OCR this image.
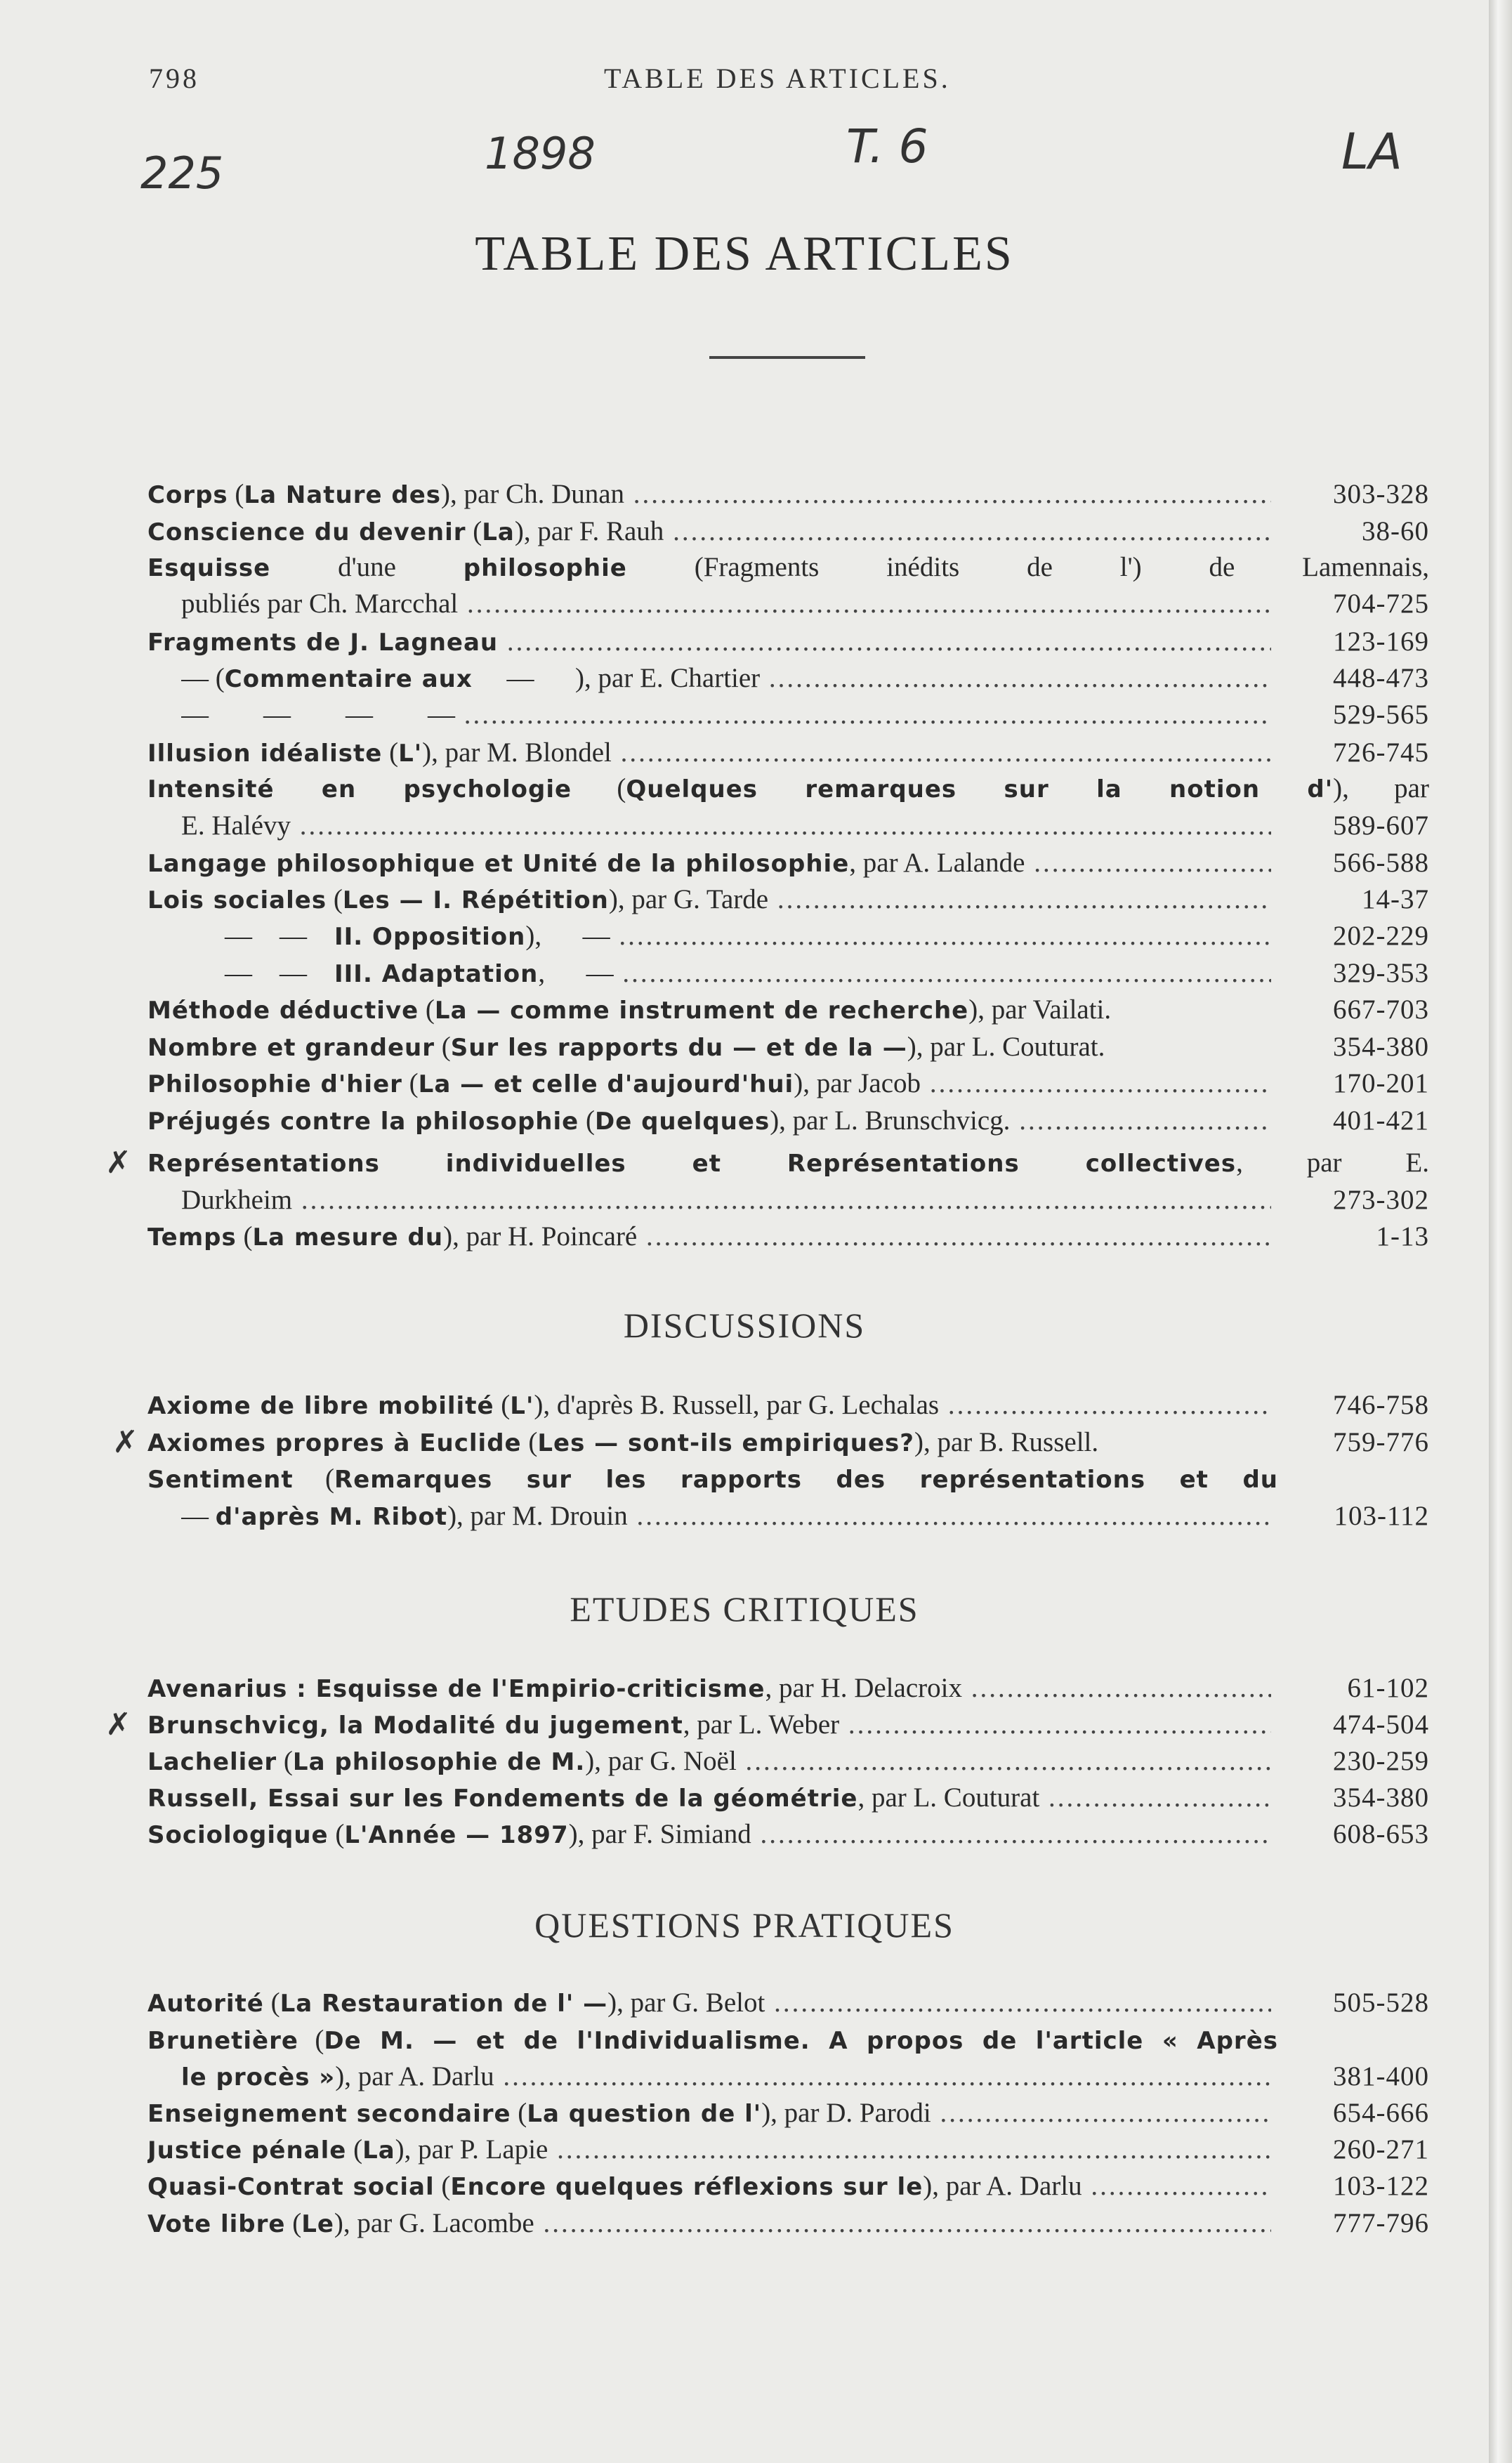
798	TABLE DES ARTICLES.
225	1898	T. 6	LA
TABLE DES ARTICLES
Corps (La Nature des), par Ch. Dunan .....	303-328
Conscience du devenir (La), par F. Rauh .....	38-60
Esquisse d'une philosophie (Fragments inédits de l') de Lamennais,
publiés par Ch. Marcchal .....	704-725
Fragments de J. Lagneau .....	123-169
— (Commentaire aux     —      ), par E. Chartier .....	448-473
—        —        —        — .....	529-565
Illusion idéaliste (L'), par M. Blondel .....	726-745
Intensité en psychologie (Quelques remarques sur la notion d'), par
E. Halévy .....	589-607
Langage philosophique et Unité de la philosophie, par A. Lalande .....	566-588
Lois sociales (Les — I. Répétition), par G. Tarde .....	14-37
—    —    II. Opposition),      — .....	202-229
—    —    III. Adaptation,      — .....	329-353
Méthode déductive (La — comme instrument de recherche), par Vailati.	667-703
Nombre et grandeur (Sur les rapports du — et de la —), par L. Couturat.	354-380
Philosophie d'hier (La — et celle d'aujourd'hui), par Jacob .....	170-201
Préjugés contre la philosophie (De quelques), par L. Brunschvicg. .....	401-421
Représentations individuelles et Représentations collectives, par E.
Durkheim .....	273-302
Temps (La mesure du), par H. Poincaré .....	1-13
DISCUSSIONS
Axiome de libre mobilité (L'), d'après B. Russell, par G. Lechalas .....	746-758
Axiomes propres à Euclide (Les — sont-ils empiriques?), par B. Russell.	759-776
Sentiment (Remarques sur les rapports des représentations et du
— d'après M. Ribot), par M. Drouin .....	103-112
ETUDES CRITIQUES
Avenarius : Esquisse de l'Empirio-criticisme, par H. Delacroix .....	61-102
Brunschvicg, la Modalité du jugement, par L. Weber .....	474-504
Lachelier (La philosophie de M.), par G. Noël .....	230-259
Russell, Essai sur les Fondements de la géométrie, par L. Couturat .....	354-380
Sociologique (L'Année — 1897), par F. Simiand .....	608-653
QUESTIONS PRATIQUES
Autorité (La Restauration de l' —), par G. Belot .....	505-528
Brunetière (De M. — et de l'Individualisme. A propos de l'article « Après
le procès »), par A. Darlu .....	381-400
Enseignement secondaire (La question de l'), par D. Parodi .....	654-666
Justice pénale (La), par P. Lapie .....	260-271
Quasi-Contrat social (Encore quelques réflexions sur le), par A. Darlu .....	103-122
Vote libre (Le), par G. Lacombe .....	777-796
✗
✗
✗
